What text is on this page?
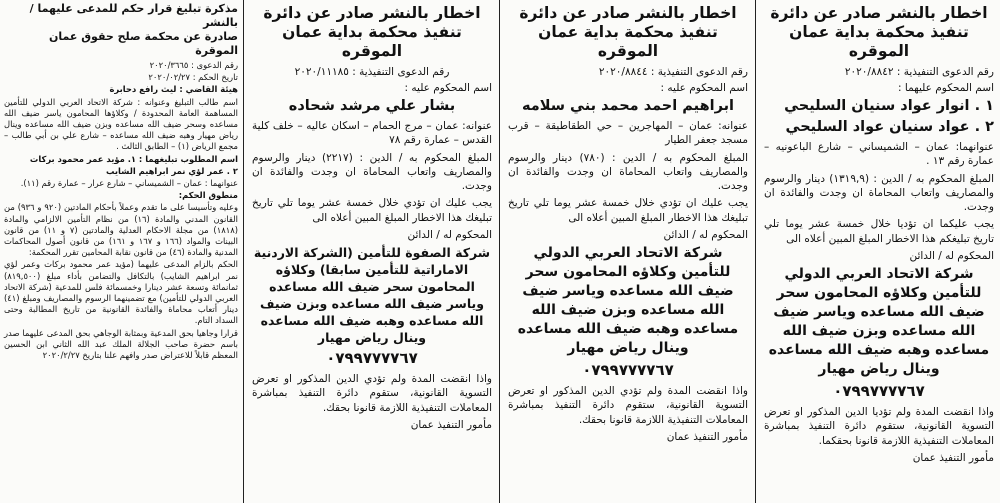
اخطار بالنشر صادر عن دائرة
تنفيذ محكمة بداية عمان الموقره

رقم الدعوى التنفيذية : ٢٠٢٠/٨٨٤٢

اسم المحكوم عليهما :

١ . انوار عواد سنيان السليحي

٢ . عواد سنيان عواد السليحي

عنوانهما: عمان – الشميساني – شارع الباعونيه – عمارة رقم ١٣ .

المبلغ المحكوم به / الدين : (١٣١٩,٩) دينار والرسوم والمصاريف واتعاب المحاماة ان وجدت والفائدة ان وجدت.

يجب عليكما ان تؤديا خلال خمسة عشر يوما تلي تاريخ تبليغكم هذا الاخطار المبلغ المبين أعلاه الى

المحكوم له / الدائن

شركة الاتحاد العربي الدولي للتأمين وكلاؤه المحامون سحر ضيف الله مساعده وياسر ضيف الله مساعده وبزن ضيف الله مساعده وهبه ضيف الله مساعده وينال رياض مهيار

٠٧٩٩٧٧٧٧٦٧

واذا انقضت المدة ولم تؤديا الدين المذكور او تعرض التسوية القانونية، ستقوم دائرة التنفيذ بمباشرة المعاملات التنفيذية اللازمة قانونا بحقكما.

مأمور التنفيذ عمان

اخطار بالنشر صادر عن دائرة
تنفيذ محكمة بداية عمان الموقره

رقم الدعوى التنفيذية : ٢٠٢٠/٨٨٤٤

اسم المحكوم عليه :

ابراهيم احمد محمد بني سلامه

عنوانه: عمان – المهاجرين – حي الطقاطيقة – قرب مسجد جعفر الطيار

المبلغ المحكوم به / الدين : (٧٨٠) دينار والرسوم والمصاريف واتعاب المحاماة ان وجدت والفائدة ان وجدت.

يجب عليك ان تؤدي خلال خمسة عشر يوما تلي تاريخ تبليغك هذا الاخطار المبلغ المبين أعلاه الى

المحكوم له / الدائن

شركة الاتحاد العربي الدولي للتأمين وكلاؤه المحامون سحر ضيف الله مساعده وياسر ضيف الله مساعده وبزن ضيف الله مساعده وهبه ضيف الله مساعده وينال رياض مهيار

٠٧٩٩٧٧٧٧٦٧

واذا انقضت المدة ولم تؤدي الدين المذكور او تعرض التسوية القانونية، ستقوم دائرة التنفيذ بمباشرة المعاملات التنفيذية اللازمة قانونا بحقك.

مأمور التنفيذ عمان

اخطار بالنشر صادر عن دائرة
تنفيذ محكمة بداية عمان الموقره

رقم الدعوى التنفيذية : ٢٠٢٠/١١١٨٥

اسم المحكوم عليه :

بشار علي مرشد شحاده

عنوانه: عمان – مرج الحمام – اسكان عاليه – خلف كلية القدس – عمارة رقم ٧٨

المبلغ المحكوم به / الدين : (٢٢١٧) دينار والرسوم والمصاريف واتعاب المحاماة ان وجدت والفائدة ان وجدت.

يجب عليك ان تؤدي خلال خمسة عشر يوما تلي تاريخ تبليغك هذا الاخطار المبلغ المبين أعلاه الى

المحكوم له / الدائن

شركة الصفوة للتأمين (الشركة الاردنية الاماراتية للتأمين سابقا) وكلاؤه المحامون سحر ضيف الله مساعده وياسر ضيف الله مساعده وبزن ضيف الله مساعده وهبه ضيف الله مساعده وينال رياض مهيار

٠٧٩٩٧٧٧٧٦٧

واذا انقضت المدة ولم تؤدي الدين المذكور او تعرض التسوية القانونية، ستقوم دائرة التنفيذ بمباشرة المعاملات التنفيذية اللازمة قانونا بحقك.

مأمور التنفيذ عمان

مذكرة تبليغ قرار حكم للمدعى عليهما / بالنشر
صادرة عن محكمة صلح حقوق عمان الموقرة

رقم الدعوى : ٢٠٢٠/٣٦٦٥

تاريخ الحكم : ٢٠٢٠/٠٢/٢٧

هيئة القاضي : ليث رافع دحابرة

اسم طالب التبليغ وعنوانه : شركة الاتحاد العربي الدولي للتأمين المساهمة العامة المحدودة / وكلاؤها المحامون ياسر ضيف الله مساعده وسحر ضيف الله مساعده وبزن ضيف الله مساعده وينال رياض مهيار وهبه ضيف الله مساعده – شارع علي بن أبي طالب – مجمع الرياض (١) – الطابق الثالث .

اسم المطلوب تبليغهما : ١. مؤيد عمر محمود بركات

٢ . عمر لؤي نمر ابراهيم الشايب

عنوانهما : عمان – الشميساني – شارع عرار – عمارة رقم (١١).

منطوق الحكم:

وعليه وتأسيسا على ما تقدم وعملاً بأحكام المادتين (٩٢٠ و ٩٣٦) من القانون المدني والمادة (١٦) من نظام التأمين الالزامي والمادة (١٨١٨) من مجلة الاحكام العدلية والمادتين (٧ و ١١) من قانون البينات والمواد (١٦٦ و ١٦٧ و ١٦١) من قانون أصول المحاكمات المدنية والمادة (٤٦) من قانون نقابة المحامين تقرر المحكمة:

الحكم بالزام المدعى عليهما (مؤيد عمر محمود بركات وعمر لؤي نمر ابراهيم الشايب) بالتكافل والتضامن بأداء مبلغ (٨١٩,٥٠٠) ثمانمائة وتسعة عشر دينارا وخمسمائة فلس للمدعية (شركة الاتحاد العربي الدولي للتأمين) مع تضمينهما الرسوم والمصاريف ومبلغ (٤١) دينار أتعاب محاماة والفائدة القانونية من تاريخ المطالبة وحتى السداد التام.

قرارا وجاهيا بحق المدعية وبمثابة الوجاهي بحق المدعى عليهما صدر باسم حضرة صاحب الجلالة الملك عبد الله الثاني ابن الحسين المعظم قابلاً للاعتراض صدر وافهم علنا بتاريخ ٢٠٢٠/٢/٢٧
